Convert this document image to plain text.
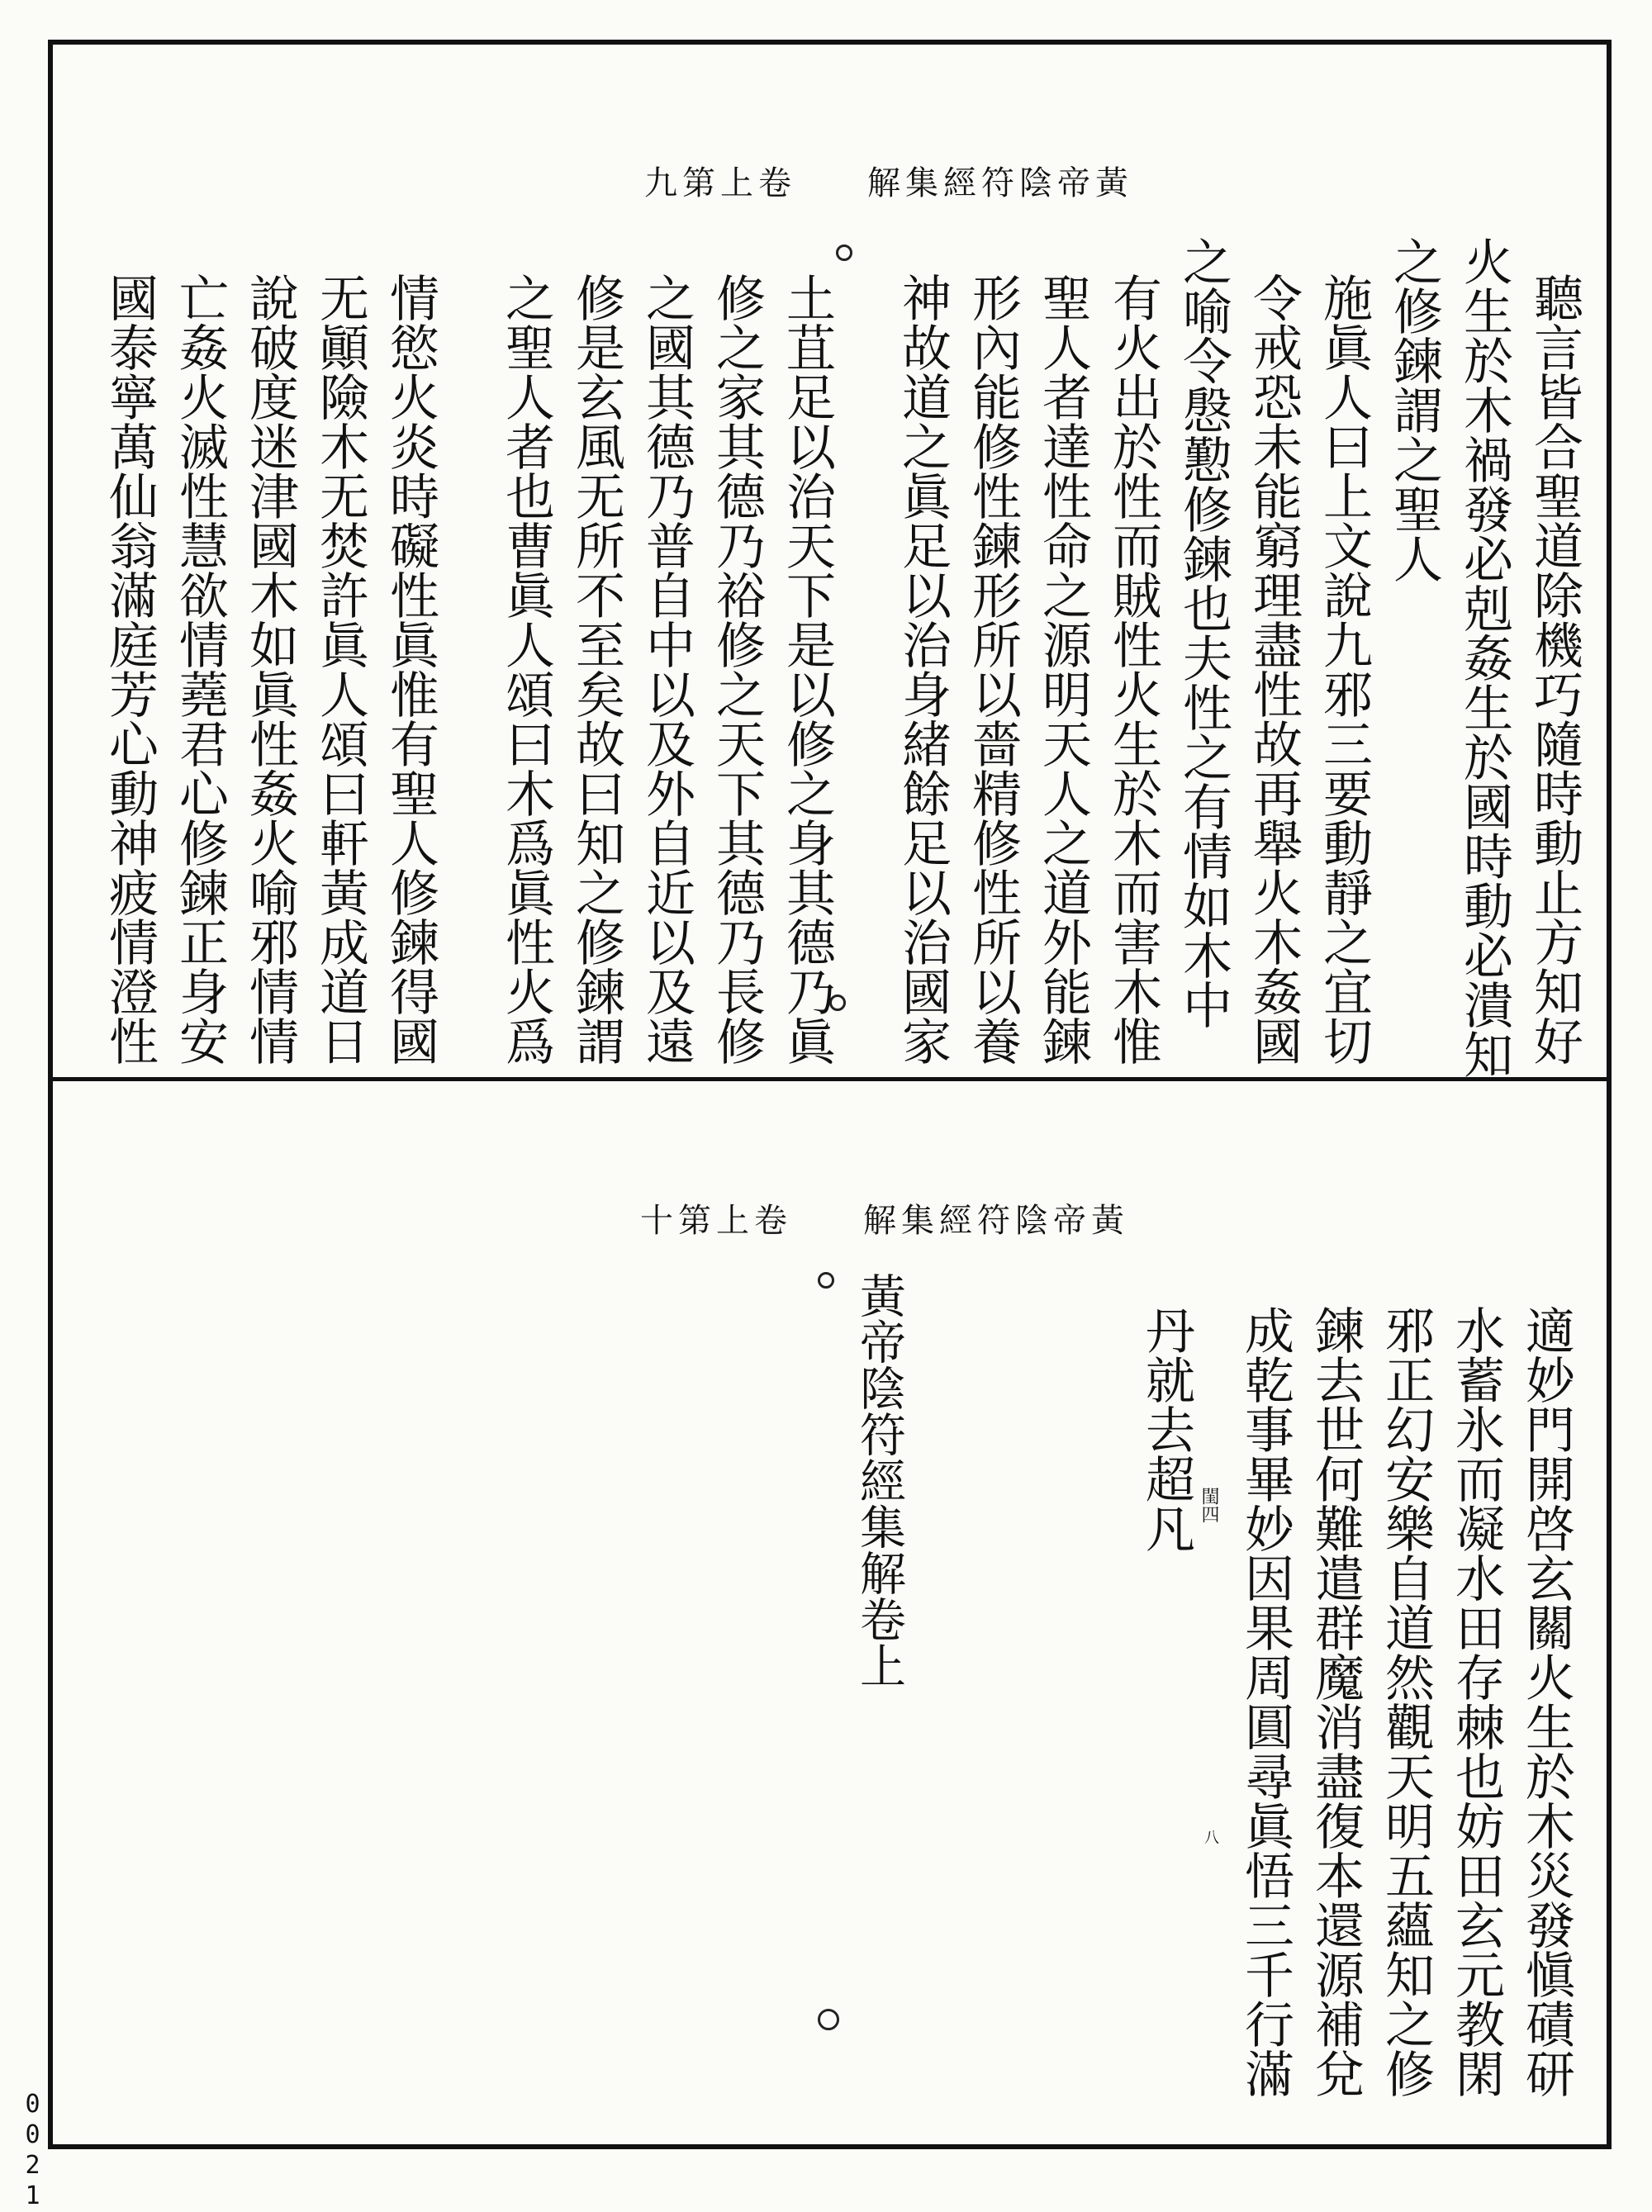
九第上卷 解集經符陰帝黃
聽言皆合聖道除機巧隨時動止方知好
火生於木禍發必剋姦生於國時動必潰知
之修鍊謂之聖人
施眞人曰上文說九邪三要動靜之宜切
令戒恐未能窮理盡性故再舉火木姦國
之喻令慇懃修鍊也夫性之有情如木中
有火出於性而賊性火生於木而害木惟
聖人者達性命之源明天人之道外能鍊
形內能修性鍊形所以嗇精修性所以養
神故道之眞足以治身緒餘足以治國家
土苴足以治天下是以修之身其德乃眞
修之家其德乃裕修之天下其德乃長修
之國其德乃普自中以及外自近以及遠
修是玄風无所不至矣故曰知之修鍊謂
之聖人者也曹眞人頌曰木爲眞性火爲
情慾火炎時礙性眞惟有聖人修鍊得國
无顚險木无焚許眞人頌曰軒黃成道日
說破度迷津國木如眞性姦火喻邪情情
亡姦火滅性慧欲情蕘君心修鍊正身安
國泰寧萬仙翁滿庭芳心動神疲情澄性
十第上卷 解集經符陰帝黃
適妙門開啓玄關火生於木災發愼磧研
水蓄氷而凝水田存棘也妨田玄元教閑
邪正幻安樂自道然觀天明五蘊知之修
鍊去世何難遣群魔消盡復本還源補兌
成乾事畢妙因果周圓尋眞悟三千行滿
丹就去超凡 閨四
八
黃帝陰符經集解卷上
0021
